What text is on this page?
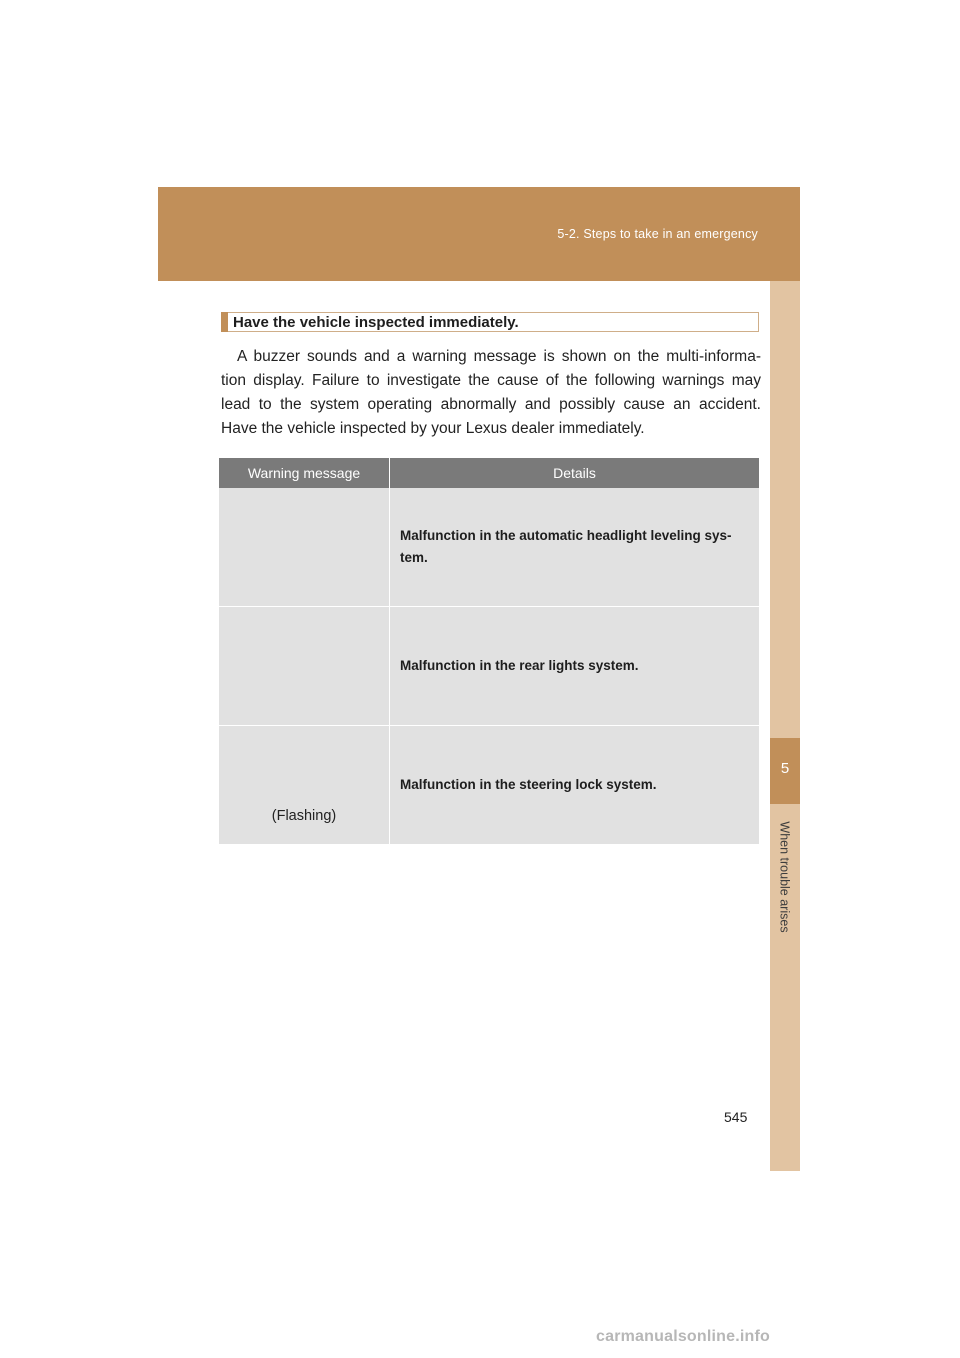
5-2. Steps to take in an emergency
5
When trouble arises
Have the vehicle inspected immediately.
A buzzer sounds and a warning message is shown on the multi-informa-
tion display. Failure to investigate the cause of the following warnings may
lead to the system operating abnormally and possibly cause an accident.
Have the vehicle inspected by your Lexus dealer immediately.
Warning message	Details
	Malfunction in the automatic headlight leveling sys-tem.
	Malfunction in the rear lights system.

(Flashing)	Malfunction in the steering lock system.
545
carmanualsonline.info
